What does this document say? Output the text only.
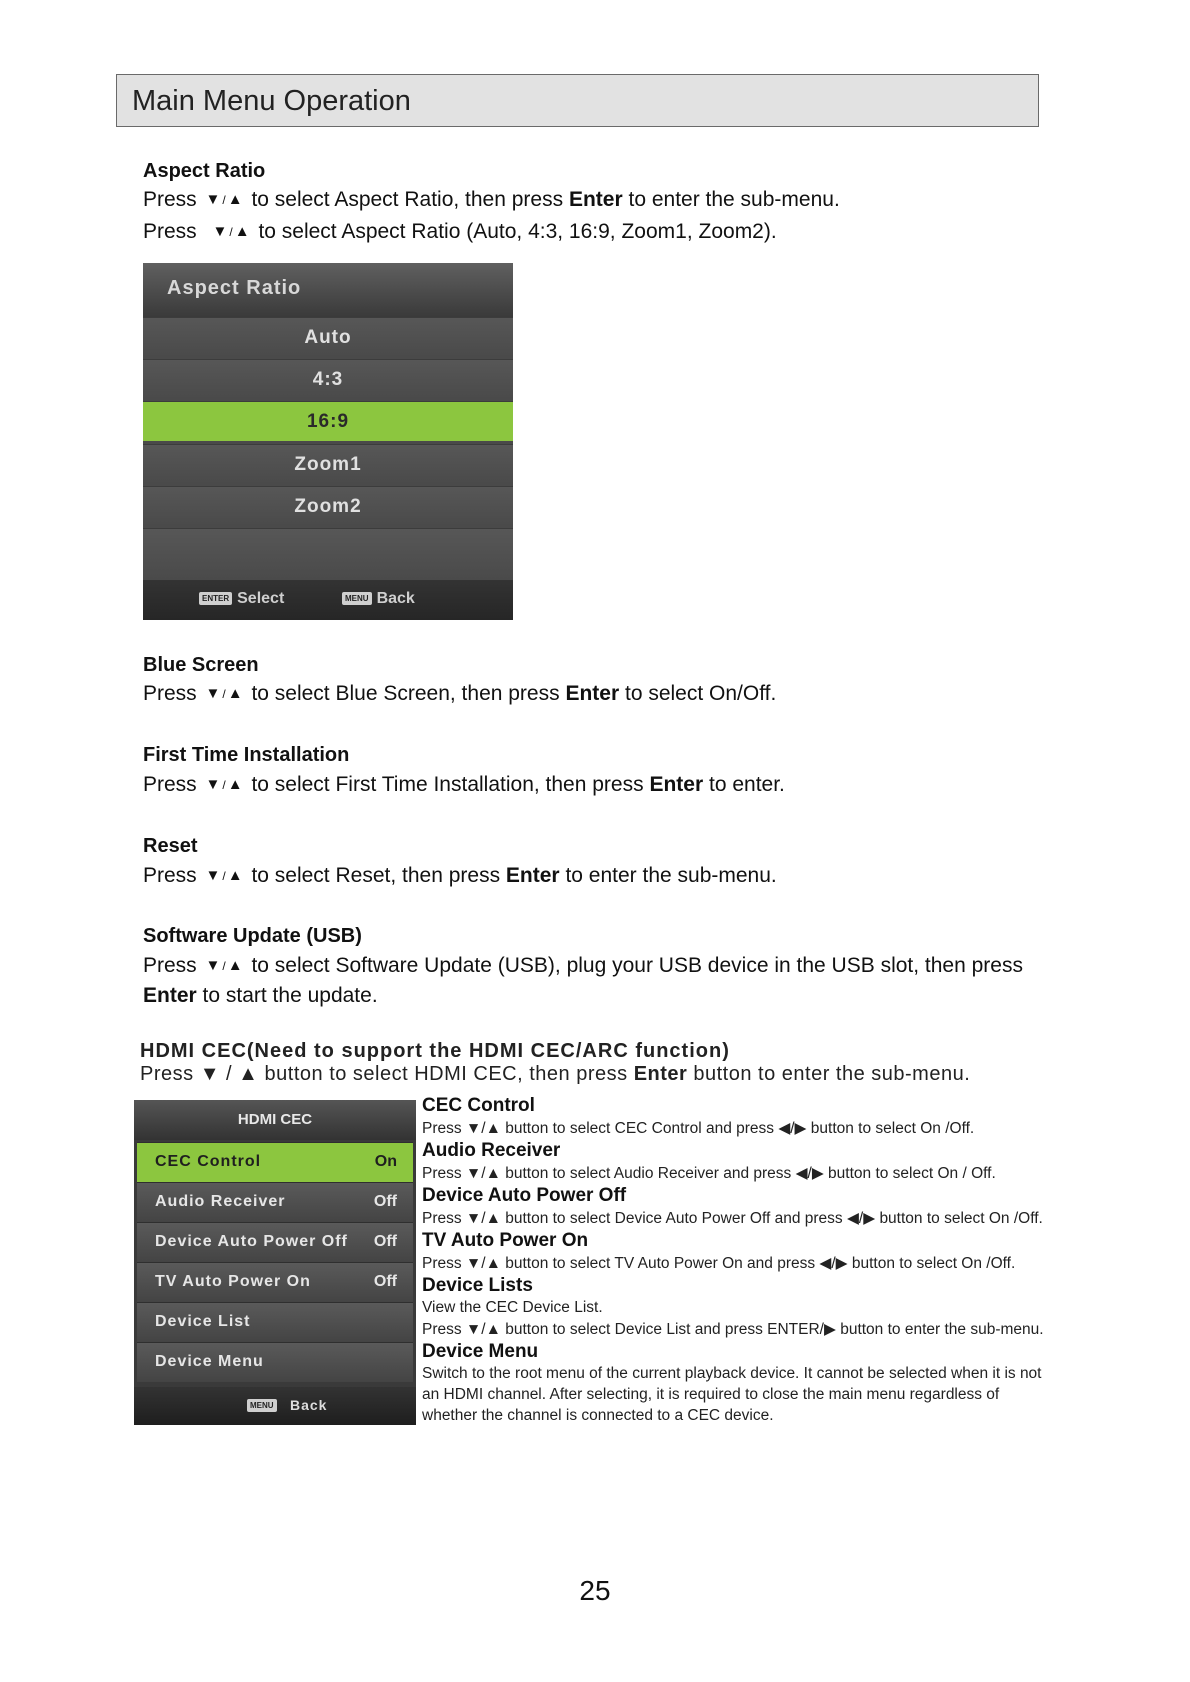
Main Menu Operation
Aspect Ratio
Press ▼ / ▲ to select Aspect Ratio, then press Enter to enter the sub-menu.
Press ▼ / ▲ to select Aspect Ratio (Auto, 4:3, 16:9, Zoom1, Zoom2).
Aspect Ratio
Auto
4:3
16:9
Zoom1
Zoom2
ENTER Select	MENU Back
Blue Screen
Press ▼ / ▲ to select Blue Screen, then press Enter to select On/Off.
First Time Installation
Press ▼ / ▲ to select First Time Installation, then press Enter to enter.
Reset
Press ▼ / ▲ to select Reset, then press Enter to enter the sub-menu.
Software Update (USB)
Press ▼ / ▲ to select Software Update (USB), plug your USB device in the USB slot, then press
Enter to start the update.
HDMI CEC(Need to support the HDMI CEC/ARC function)
Press ▼ / ▲ button to select HDMI CEC, then press Enter button to enter the sub-menu.
HDMI CEC
CEC Control	On
Audio Receiver	Off
Device Auto Power Off Off
TV Auto Power On	Off
Device List
Device Menu
MENU Back
CEC Control
Press ▼/▲ button to select CEC Control and press ◀/▶ button to select On /Off.
Audio Receiver
Press ▼/▲ button to select Audio Receiver and press ◀/▶ button to select On / Off.
Device Auto Power Off
Press ▼/▲ button to select Device Auto Power Off and press ◀/▶ button to select On /Off.
TV Auto Power On
Press ▼/▲ button to select TV Auto Power On and press ◀/▶ button to select On /Off.
Device Lists
View the CEC Device List.
Press ▼/▲ button to select Device List and press ENTER/▶ button to enter the sub-menu.
Device Menu
Switch to the root menu of the current playback device. It cannot be selected when it is not
an HDMI channel. After selecting, it is required to close the main menu regardless of
whether the channel is connected to a CEC device.
25
